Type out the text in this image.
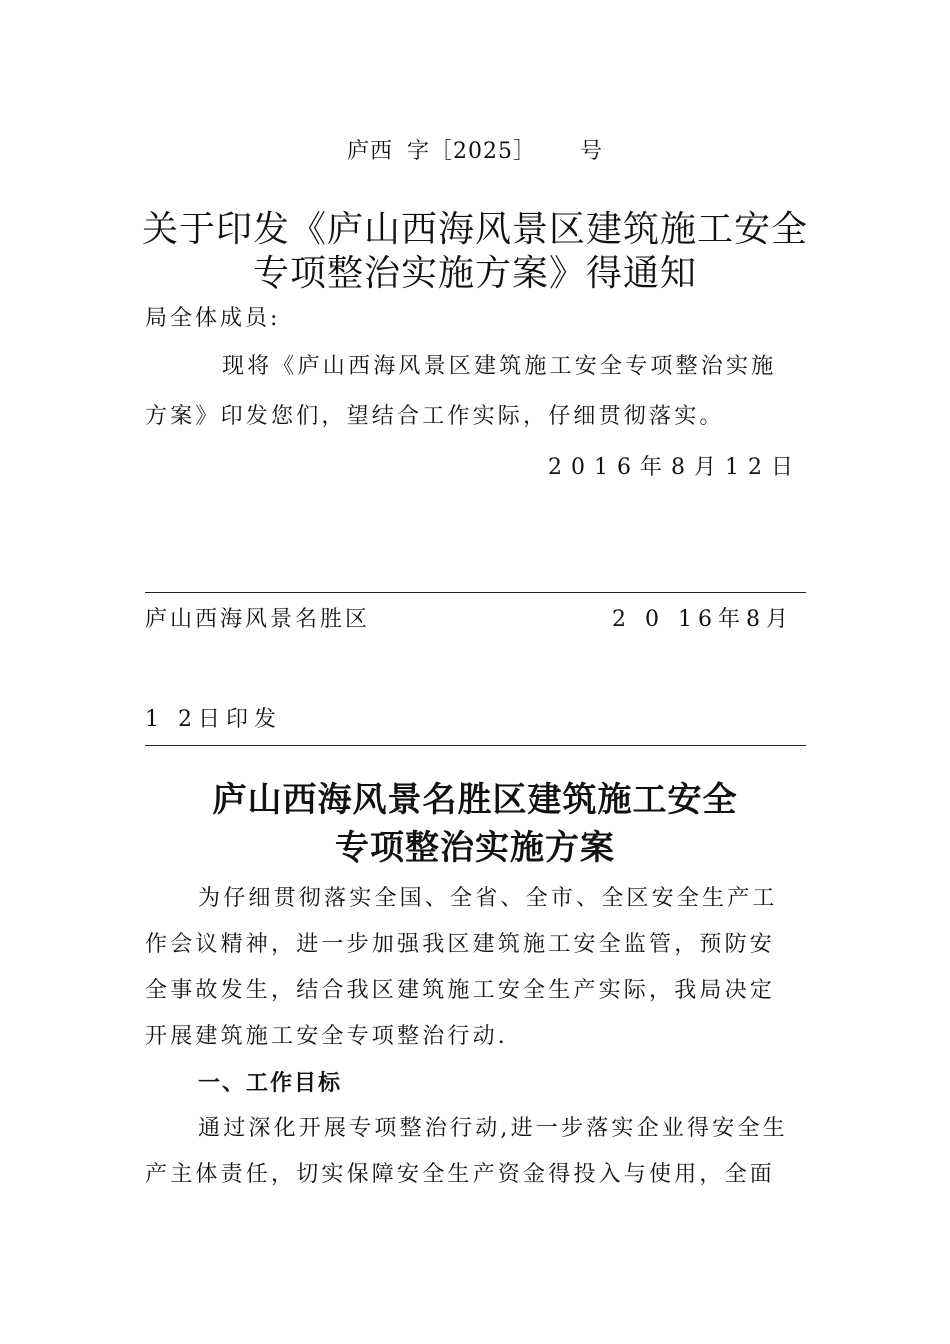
庐西 字［2025］ 号
关于印发《庐山西海风景区建筑施工安全
专项整治实施方案》得通知
局全体成员:
现将《庐山西海风景区建筑施工安全专项整治实施
方案》印发您们，望结合工作实际，仔细贯彻落实。
2016年8月12日
庐山西海风景名胜区	2 0 16年8月
1 2日印发
庐山西海风景名胜区建筑施工安全
专项整治实施方案
为仔细贯彻落实全国、全省、全市、全区安全生产工
作会议精神，进一步加强我区建筑施工安全监管，预防安
全事故发生，结合我区建筑施工安全生产实际，我局决定
开展建筑施工安全专项整治行动.
一、工作目标
通过深化开展专项整治行动,进一步落实企业得安全生
产主体责任，切实保障安全生产资金得投入与使用，全面
